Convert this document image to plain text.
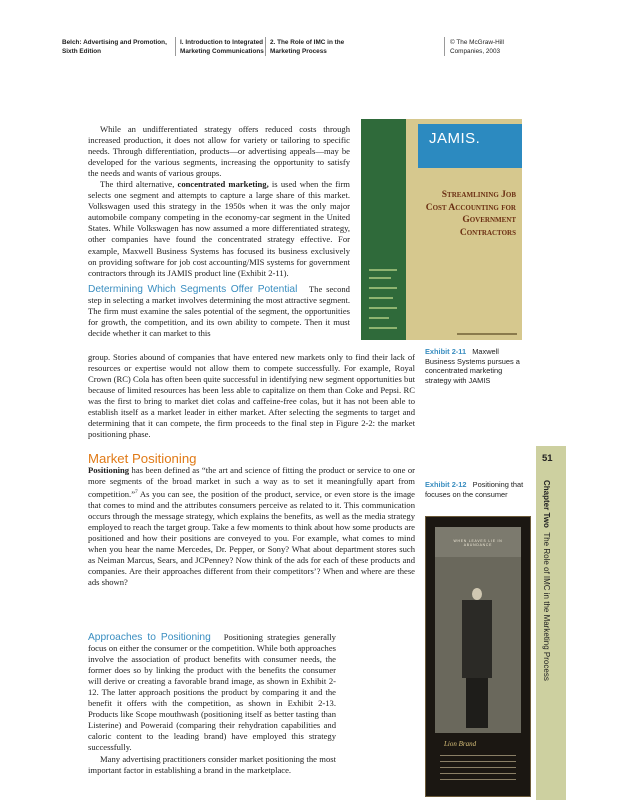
Belch: Advertising and Promotion, Sixth Edition
I. Introduction to Integrated Marketing Communications
2. The Role of IMC in the Marketing Process
© The McGraw-Hill Companies, 2003

While an undifferentiated strategy offers reduced costs through increased production, it does not allow for variety or tailoring to specific needs. Through differentiation, products—or advertising appeals—may be developed for the various segments, increasing the opportunity to satisfy the needs and wants of various groups.

The third alternative, concentrated marketing, is used when the firm selects one segment and attempts to capture a large share of this market. Volkswagen used this strategy in the 1950s when it was the only major automobile company competing in the economy-car segment in the United States. While Volkswagen has now assumed a more differentiated strategy, other companies have found the concentrated strategy effective. For example, Maxwell Business Systems has focused its business exclusively on providing software for job cost accounting/MIS systems for government contractors through its JAMIS product line (Exhibit 2-11).

Determining Which Segments Offer Potential The second step in selecting a market involves determining the most attractive segment. The firm must examine the sales potential of the segment, the opportunities for growth, the competition, and its own ability to compete. Then it must decide whether it can market to this

group. Stories abound of companies that have entered new markets only to find their lack of resources or expertise would not allow them to compete successfully. For example, Royal Crown (RC) Cola has often been quite successful in identifying new segment opportunities but because of limited resources has been less able to capitalize on them than Coke and Pepsi. RC was the first to bring to market diet colas and caffeine-free colas, but it has not been able to establish itself as a market leader in either market. After selecting the segments to target and determining that it can compete, the firm proceeds to the final step in Figure 2-2: the market positioning phase.

Market Positioning

Positioning has been defined as “the art and science of fitting the product or service to one or more segments of the broad market in such a way as to set it meaningfully apart from competition.”$^7$ As you can see, the position of the product, service, or even store is the image that comes to mind and the attributes consumers perceive as related to it. This communication occurs through the message strategy, which explains the benefits, as well as the media strategy employed to reach the target group. Take a few moments to think about how some products are positioned and how their positions are conveyed to you. For example, what comes to mind when you hear the name Mercedes, Dr. Pepper, or Sony? What about department stores such as Neiman Marcus, Sears, and JCPenney? Now think of the ads for each of these products and companies. Are their approaches different from their competitors’? When and where are these ads shown?

Approaches to Positioning Positioning strategies generally focus on either the consumer or the competition. While both approaches involve the association of product benefits with consumer needs, the former does so by linking the product with the benefits the consumer will derive or creating a favorable brand image, as shown in Exhibit 2-12. The latter approach positions the product by comparing it and the benefit it offers with the competition, as shown in Exhibit 2-13. Products like Scope mouthwash (positioning itself as better tasting than Listerine) and Poweraid (comparing their rehydration capabilities and caloric content to the leading brand) have employed this strategy successfully.

Many advertising practitioners consider market positioning the most important factor in establishing a brand in the marketplace.

JAMIS.
Streamlining Job Cost Accounting for Government Contractors
Exhibit 2-11 Maxwell Business Systems pursues a concentrated marketing strategy with JAMIS
Exhibit 2-12 Positioning that focuses on the consumer
WHEN LEAVES LIE IN ABUNDANCE
Lion Brand
51
Chapter Two  The Role of IMC in the Marketing Process
